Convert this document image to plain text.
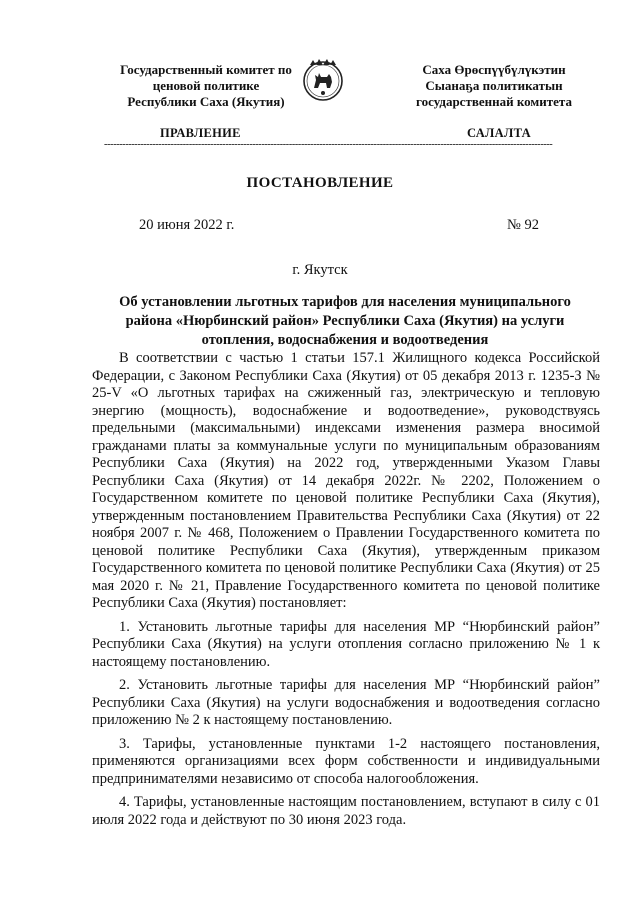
Государственный комитет по
ценовой политике
Республики Саха (Якутия)
Саха Өрөспүүбүлүкэтин
Сыанаҕа политикатын
государственнай комитета
ПРАВЛЕНИЕ	САЛАЛТА
----------------------------------------------------------------------------------------------------------------------------------------------------
ПОСТАНОВЛЕНИЕ
20 июня 2022 г.	№ 92
г. Якутск
Об установлении льготных тарифов для населения муниципального района «Нюрбинский район» Республики Саха (Якутия) на услуги отопления, водоснабжения и водоотведения

В соответствии с частью 1 статьи 157.1 Жилищного кодекса Российской Федерации, с Законом Республики Саха (Якутия) от 05 декабря 2013 г. 1235-З № 25-V «О льготных тарифах на сжиженный газ, электрическую и тепловую энергию (мощность), водоснабжение и водоотведение», руководствуясь предельными (максимальными) индексами изменения размера вносимой гражданами платы за коммунальные услуги по муниципальным образованиям Республики Саха (Якутия) на 2022 год, утвержденными Указом Главы Республики Саха (Якутия) от 14 декабря 2022г. № 2202, Положением о Государственном комитете по ценовой политике Республики Саха (Якутия), утвержденным постановлением Правительства Республики Саха (Якутия) от 22 ноября 2007 г. № 468, Положением о Правлении Государственного комитета по ценовой политике Республики Саха (Якутия), утвержденным приказом Государственного комитета по ценовой политике Республики Саха (Якутия) от 25 мая 2020 г. № 21, Правление Государственного комитета по ценовой политике Республики Саха (Якутия) постановляет:

1. Установить льготные тарифы для населения МР “Нюрбинский район” Республики Саха (Якутия) на услуги отопления согласно приложению № 1 к настоящему постановлению.

2. Установить льготные тарифы для населения МР “Нюрбинский район” Республики Саха (Якутия) на услуги водоснабжения и водоотведения согласно приложению № 2 к настоящему постановлению.

3. Тарифы, установленные пунктами 1-2 настоящего постановления, применяются организациями всех форм собственности и индивидуальными предпринимателями независимо от способа налогообложения.

4. Тарифы, установленные настоящим постановлением, вступают в силу с 01 июля 2022 года и действуют по 30 июня 2023 года.
